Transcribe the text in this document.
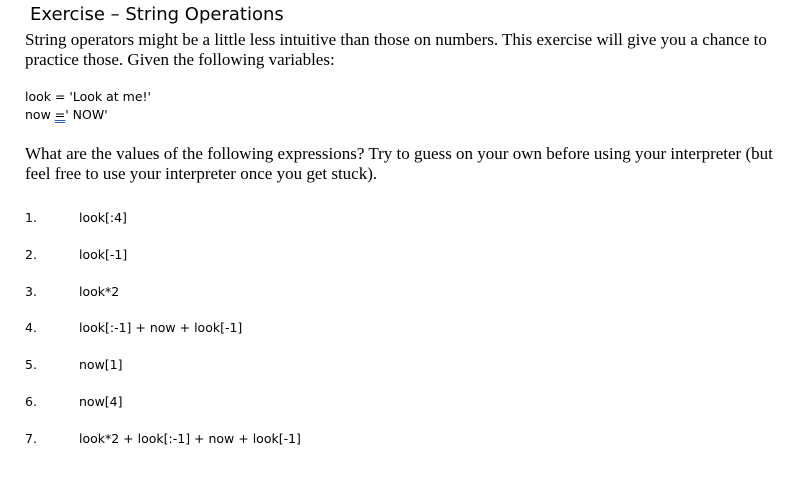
Exercise – String Operations
String operators might be a little less intuitive than those on numbers. This exercise will give you a chance to practice those. Given the following variables:
look = 'Look at me!'
now =' NOW'
What are the values of the following expressions? Try to guess on your own before using your interpreter (but feel free to use your interpreter once you get stuck).
1.	look[:4]
2.	look[-1]
3.	look*2
4.	look[:-1] + now + look[-1]
5.	now[1]
6.	now[4]
7.	look*2 + look[:-1] + now + look[-1]
